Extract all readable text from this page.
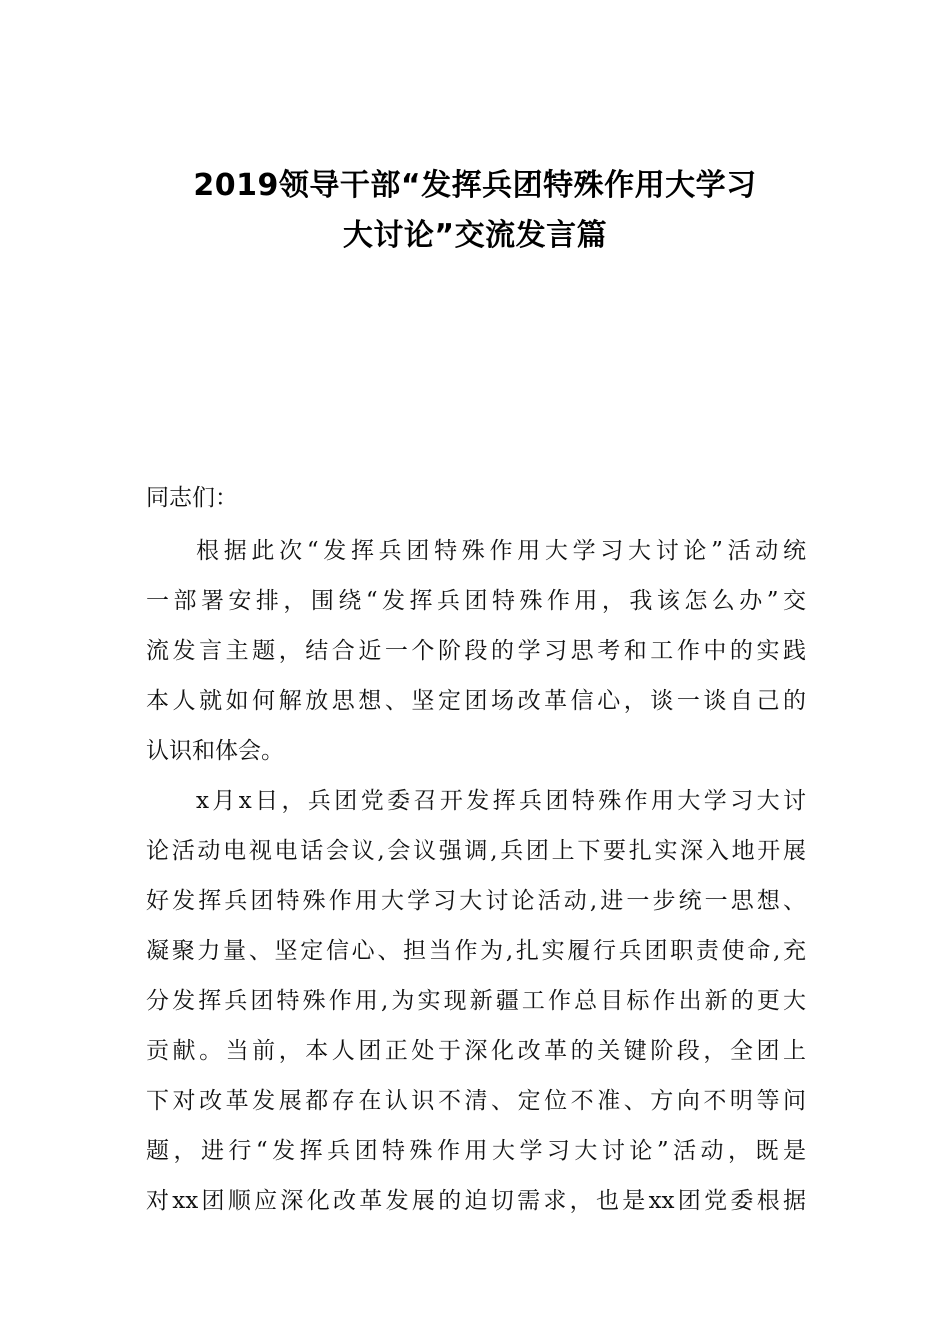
2019领导干部“发挥兵团特殊作用大学习
大讨论”交流发言篇
同志们：
根据此次“发挥兵团特殊作用大学习大讨论”活动统
一部署安排，围绕“发挥兵团特殊作用，我该怎么办”交
流发言主题，结合近一个阶段的学习思考和工作中的实践
本人就如何解放思想、坚定团场改革信心，谈一谈自己的
认识和体会。
x月x日，兵团党委召开发挥兵团特殊作用大学习大讨
论活动电视电话会议,会议强调,兵团上下要扎实深入地开展
好发挥兵团特殊作用大学习大讨论活动,进一步统一思想、
凝聚力量、坚定信心、担当作为,扎实履行兵团职责使命,充
分发挥兵团特殊作用,为实现新疆工作总目标作出新的更大
贡献。当前，本人团正处于深化改革的关键阶段，全团上
下对改革发展都存在认识不清、定位不准、方向不明等问
题，进行“发挥兵团特殊作用大学习大讨论”活动，既是
对xx团顺应深化改革发展的迫切需求，也是xx团党委根据
